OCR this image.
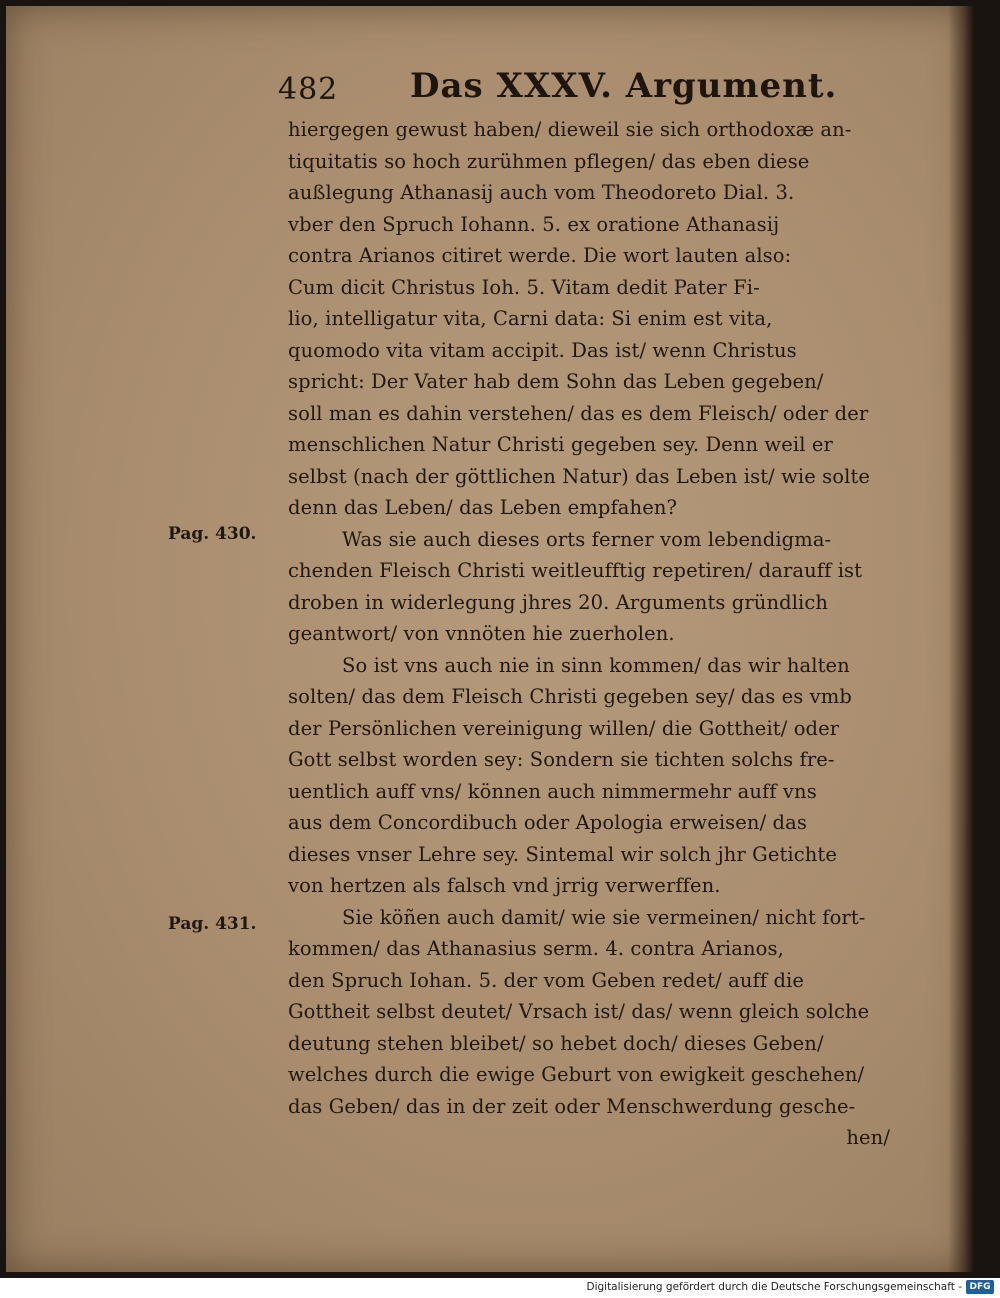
482 Das XXXV. Argument.
Pag. 430.
Pag. 431.
hiergegen gewust haben/ dieweil sie sich orthodoxæ an-
tiquitatis so hoch zurühmen pflegen/ das eben diese
außlegung Athanasij auch vom Theodoreto Dial. 3.
vber den Spruch Iohann. 5. ex oratione Athanasij
contra Arianos citiret werde. Die wort lauten also:
Cum dicit Christus Ioh. 5. Vitam dedit Pater Fi-
lio, intelligatur vita, Carni data: Si enim est vita,
quomodo vita vitam accipit. Das ist/ wenn Christus
spricht: Der Vater hab dem Sohn das Leben gegeben/
soll man es dahin verstehen/ das es dem Fleisch/ oder der
menschlichen Natur Christi gegeben sey. Denn weil er
selbst (nach der göttlichen Natur) das Leben ist/ wie solte
denn das Leben/ das Leben empfahen?
Was sie auch dieses orts ferner vom lebendigma-
chenden Fleisch Christi weitleufftig repetiren/ darauff ist
droben in widerlegung jhres 20. Arguments gründlich
geantwort/ von vnnöten hie zuerholen.
So ist vns auch nie in sinn kommen/ das wir halten
solten/ das dem Fleisch Christi gegeben sey/ das es vmb
der Persönlichen vereinigung willen/ die Gottheit/ oder
Gott selbst worden sey: Sondern sie tichten solchs fre-
uentlich auff vns/ können auch nimmermehr auff vns
aus dem Concordibuch oder Apologia erweisen/ das
dieses vnser Lehre sey. Sintemal wir solch jhr Getichte
von hertzen als falsch vnd jrrig verwerffen.
Sie köñen auch damit/ wie sie vermeinen/ nicht fort-
kommen/ das Athanasius serm. 4. contra Arianos,
den Spruch Iohan. 5. der vom Geben redet/ auff die
Gottheit selbst deutet/ Vrsach ist/ das/ wenn gleich solche
deutung stehen bleibet/ so hebet doch/ dieses Geben/
welches durch die ewige Geburt von ewigkeit geschehen/
das Geben/ das in der zeit oder Menschwerdung gesche-
hen/
Digitalisierung gefördert durch die Deutsche Forschungsgemeinschaft - DFG
